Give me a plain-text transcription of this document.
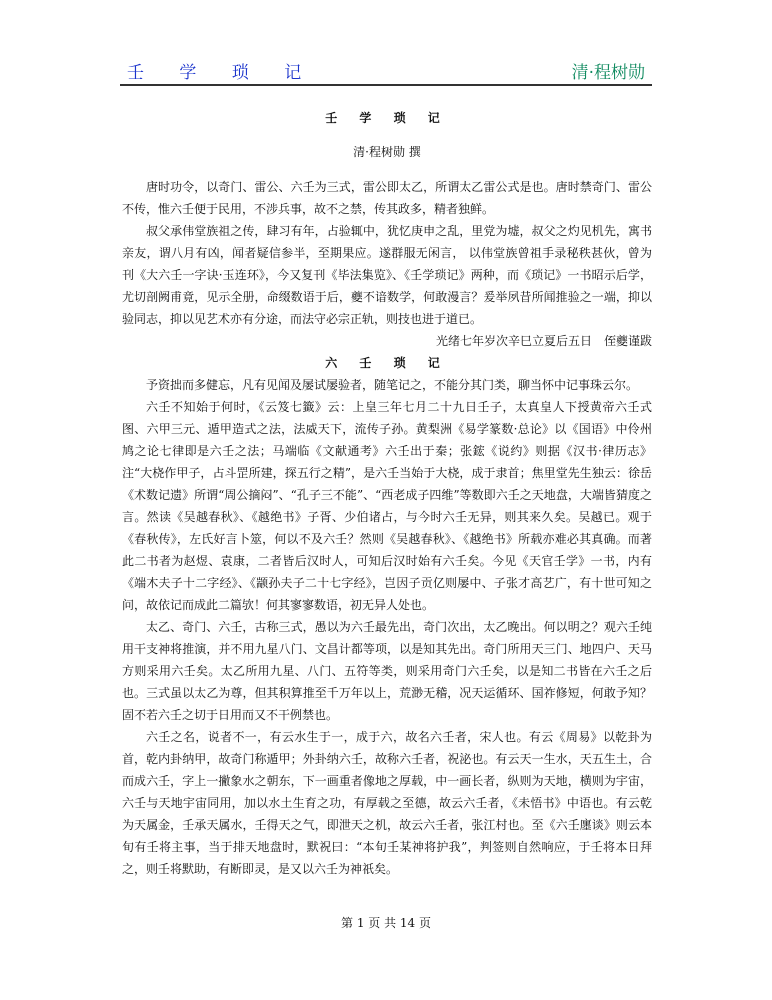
壬 学 琐 记	清·程树勋
壬 学 琐 记
清·程树勋 撰

唐时功令，以奇门、雷公、六壬为三式，雷公即太乙，所谓太乙雷公式是也。唐时禁奇门、雷公不传，惟六壬便于民用，不涉兵事，故不之禁，传其政多，精者独鲜。

叔父承伟堂族祖之传，肆习有年，占验辄中，犹忆庚申之乱，里党为墟，叔父之灼见机先，寓书亲友，谓八月有凶，闻者疑信参半，至期果应。遂群服无闲言， 以伟堂族曾祖手录秘秩甚伙，曾为刊《大六壬一字诀·玉连环》，今又复刊《毕法集览》、《壬学琐记》两种，而《琐记》一书昭示后学，尤切剖阙甫竟，见示全册，命缀数语于后，夔不谙数学，何敢漫言？爰举夙昔所闻推验之一端，抑以验同志，抑以见艺术亦有分途，而法守必宗正轨，则技也进于道已。

光绪七年岁次辛巳立夏后五日　侄夔谨跋

六 壬 琐 记

予资拙而多健忘，凡有见闻及屡试屡验者，随笔记之，不能分其门类，聊当怀中记事珠云尔。

六壬不知始于何时，《云笈七籤》云：上皇三年七月二十九日壬子，太真皇人下授黄帝六壬式图、六甲三元、遁甲造式之法，法威天下，流传子孙。黄梨洲《易学篆数·总论》以《国语》中伶州鸠之论七律即是六壬之法；马端临《文献通考》六壬出于秦；张鋐《说约》则据《汉书·律历志》注“大桡作甲子，占斗罡所建，探五行之精”，是六壬当始于大桡，成于隶首；焦里堂先生独云：徐岳《术数记遗》所谓“周公摘闷”、“孔子三不能”、“西老成子四维”等数即六壬之天地盘，大端皆猜度之言。然读《吴越春秋》、《越绝书》子胥、少伯诸占，与今时六壬无异，则其来久矣。吴越已。观于《春秋传》，左氏好言卜筮，何以不及六壬？然则《吴越春秋》、《越绝书》所载亦难必其真确。而著此二书者为赵煜、袁康，二者皆后汉时人，可知后汉时始有六壬矣。今见《天官壬学》一书，内有《端木夫子十二字经》、《颛孙夫子二十七字经》，岂因子贡亿则屡中、子张才高艺广，有十世可知之问，故依记而成此二篇欤！何其寥寥数语，初无异人处也。

太乙、奇门、六壬，古称三式，愚以为六壬最先出，奇门次出，太乙晚出。何以明之？观六壬纯用干支神将推演，并不用九星八门、文昌计都等项，以是知其先出。奇门所用天三门、地四户、天马方则采用六壬矣。太乙所用九星、八门、五符等类，则采用奇门六壬矣，以是知二书皆在六壬之后也。三式虽以太乙为尊，但其积算推至千万年以上，荒渺无稽，况天运循环、国祚修短，何敢予知？固不若六壬之切于日用而又不干例禁也。

六壬之名，说者不一，有云水生于一，成于六，故名六壬者，宋人也。有云《周易》以乾卦为首，乾内卦纳甲，故奇门称遁甲；外卦纳六壬，故称六壬者，祝泌也。有云天一生水，天五生土，合而成六壬，字上一撇象水之朝东，下一画重者像地之厚载，中一画长者，纵则为天地，横则为宇宙，六壬与天地宇宙同用，加以水土生育之功，有厚载之至德，故云六壬者，《未悟书》中语也。有云乾为天属金，壬承天属水，壬得天之气，即泄天之机，故云六壬者，张江村也。至《六壬廛谈》则云本旬有壬将主事，当于排天地盘时，默祝曰：“本旬壬某神将护我”，判签则自然响应，于壬将本日拜之，则壬将默助，有断即灵，是又以六壬为神祇矣。

第 1 页 共 14 页
